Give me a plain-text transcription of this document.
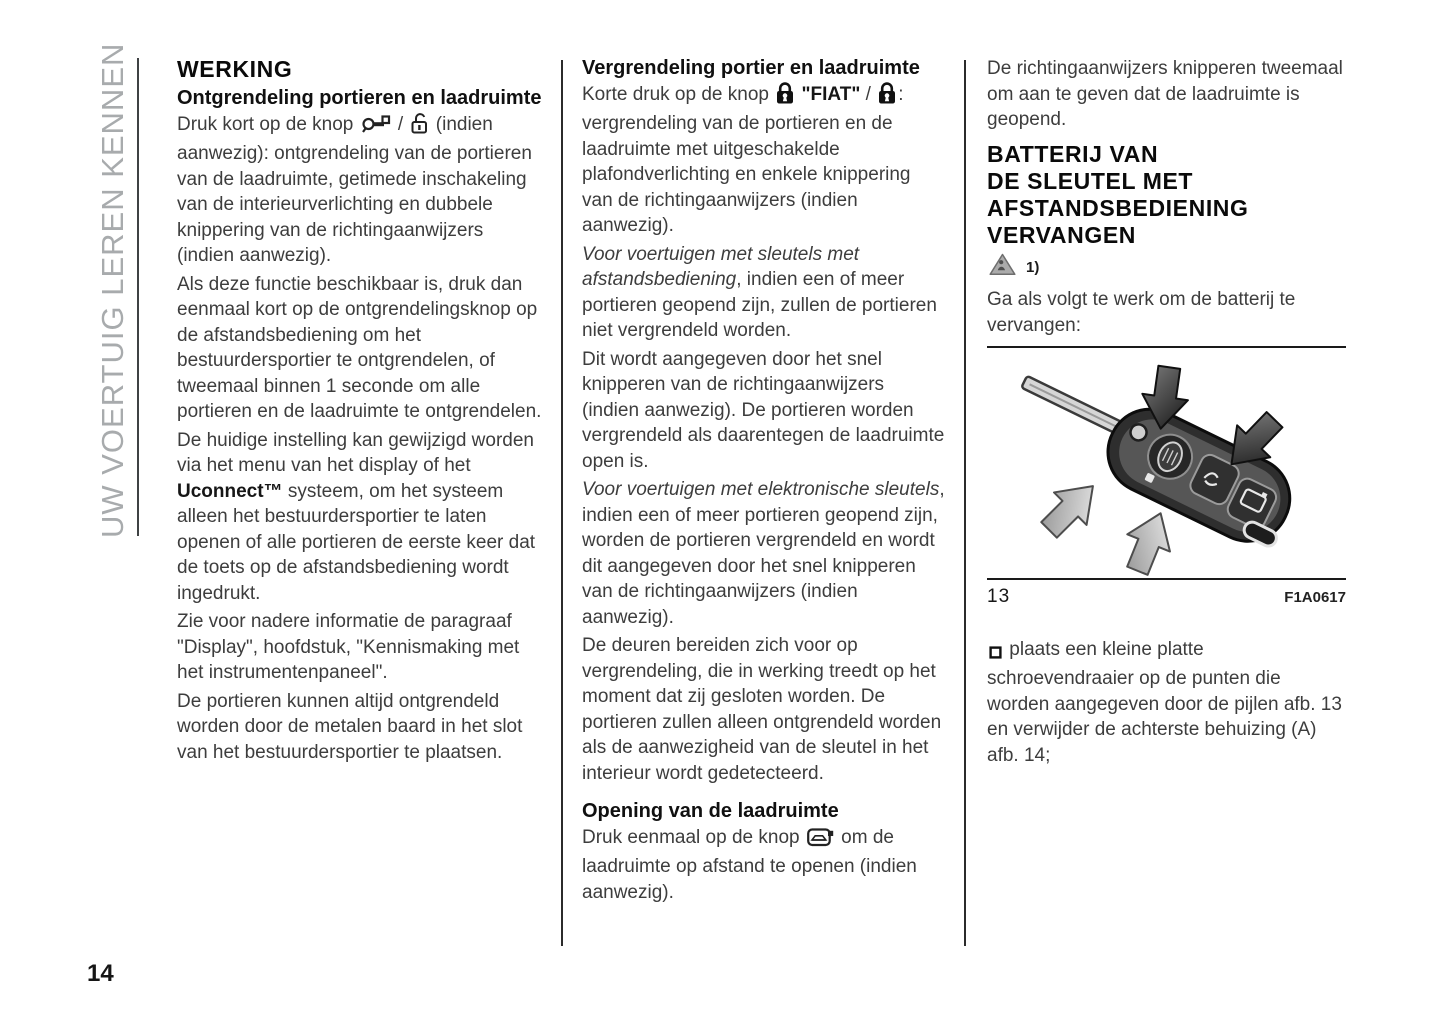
UW VOERTUIG LEREN KENNEN
14
WERKING
Ontgrendeling portieren en laadruimte

Druk kort op de knop  /  (indien aanwezig): ontgrendeling van de portieren van de laadruimte, getimede inschakeling van de interieurverlichting en dubbele knippering van de richtingaanwijzers (indien aanwezig).

Als deze functie beschikbaar is, druk dan eenmaal kort op de ontgrendelingsknop op de afstandsbediening om het bestuurdersportier te ontgrendelen, of tweemaal binnen 1 seconde om alle portieren en de laadruimte te ontgrendelen.

De huidige instelling kan gewijzigd worden via het menu van het display of het Uconnect™ systeem, om het systeem alleen het bestuurdersportier te laten openen of alle portieren de eerste keer dat de toets op de afstandsbediening wordt ingedrukt.

Zie voor nadere informatie de paragraaf "Display", hoofdstuk, "Kennismaking met het instrumentenpaneel".

De portieren kunnen altijd ontgrendeld worden door de metalen baard in het slot van het bestuurdersportier te plaatsen.

Vergrendeling portier en laadruimte

Korte druk op de knop  "FIAT" / : vergrendeling van de portieren en de laadruimte met uitgeschakelde plafondverlichting en enkele knippering van de richtingaanwijzers (indien aanwezig).

Voor voertuigen met sleutels met afstandsbediening, indien een of meer portieren geopend zijn, zullen de portieren niet vergrendeld worden.

Dit wordt aangegeven door het snel knipperen van de richtingaanwijzers (indien aanwezig). De portieren worden vergrendeld als daarentegen de laadruimte open is.

Voor voertuigen met elektronische sleutels, indien een of meer portieren geopend zijn, worden de portieren vergrendeld en wordt dit aangegeven door het snel knipperen van de richtingaanwijzers (indien aanwezig).

De deuren bereiden zich voor op vergrendeling, die in werking treedt op het moment dat zij gesloten worden. De portieren zullen alleen ontgrendeld worden als de aanwezigheid van de sleutel in het interieur wordt gedetecteerd.

Opening van de laadruimte

Druk eenmaal op de knop  om de laadruimte op afstand te openen (indien aanwezig).

De richtingaanwijzers knipperen tweemaal om aan te geven dat de laadruimte is geopend.

BATTERIJ VAN
DE SLEUTEL MET
AFSTANDSBEDIENING
VERVANGEN
1)

Ga als volgt te werk om de batterij te vervangen:

13	F1A0617

plaats een kleine platte schroevendraaier op de punten die worden aangegeven door de pijlen afb. 13 en verwijder de achterste behuizing (A) afb. 14;
